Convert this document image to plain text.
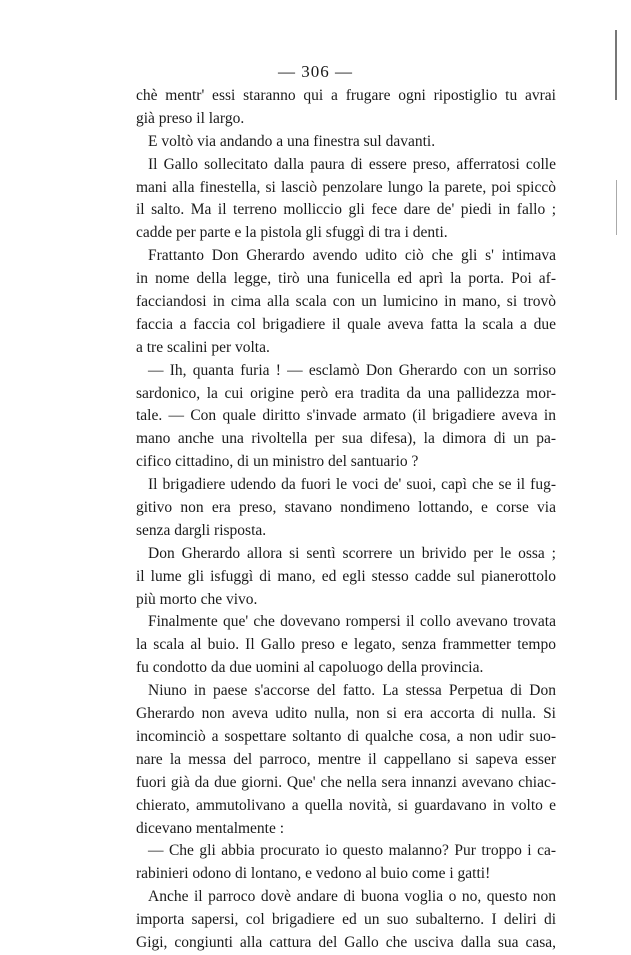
— 306 —
chè mentr' essi staranno qui a frugare ogni ripostiglio tu avrai
già preso il largo.
E voltò via andando a una finestra sul davanti.
Il Gallo sollecitato dalla paura di essere preso, afferratosi colle
mani alla finestella, si lasciò penzolare lungo la parete, poi spiccò
il salto. Ma il terreno molliccio gli fece dare de' piedi in fallo ;
cadde per parte e la pistola gli sfuggì di tra i denti.
Frattanto Don Gherardo avendo udito ciò che gli s' intimava
in nome della legge, tirò una funicella ed aprì la porta. Poi af-
facciandosi in cima alla scala con un lumicino in mano, si trovò
faccia a faccia col brigadiere il quale aveva fatta la scala a due
a tre scalini per volta.
— Ih, quanta furia ! — esclamò Don Gherardo con un sorriso
sardonico, la cui origine però era tradita da una pallidezza mor-
tale. — Con quale diritto s'invade armato (il brigadiere aveva in
mano anche una rivoltella per sua difesa), la dimora di un pa-
cifico cittadino, di un ministro del santuario ?
Il brigadiere udendo da fuori le voci de' suoi, capì che se il fug-
gitivo non era preso, stavano nondimeno lottando, e corse via
senza dargli risposta.
Don Gherardo allora si sentì scorrere un brivido per le ossa ;
il lume gli isfuggì di mano, ed egli stesso cadde sul pianerottolo
più morto che vivo.
Finalmente que' che dovevano rompersi il collo avevano trovata
la scala al buio. Il Gallo preso e legato, senza frammetter tempo
fu condotto da due uomini al capoluogo della provincia.
Niuno in paese s'accorse del fatto. La stessa Perpetua di Don
Gherardo non aveva udito nulla, non si era accorta di nulla. Si
incominciò a sospettare soltanto di qualche cosa, a non udir suo-
nare la messa del parroco, mentre il cappellano si sapeva esser
fuori già da due giorni. Que' che nella sera innanzi avevano chiac-
chierato, ammutolivano a quella novità, si guardavano in volto e
dicevano mentalmente :
— Che gli abbia procurato io questo malanno? Pur troppo i ca-
rabinieri odono di lontano, e vedono al buio come i gatti!
Anche il parroco dovè andare di buona voglia o no, questo non
importa sapersi, col brigadiere ed un suo subalterno. I deliri di
Gigi, congiunti alla cattura del Gallo che usciva dalla sua casa,
